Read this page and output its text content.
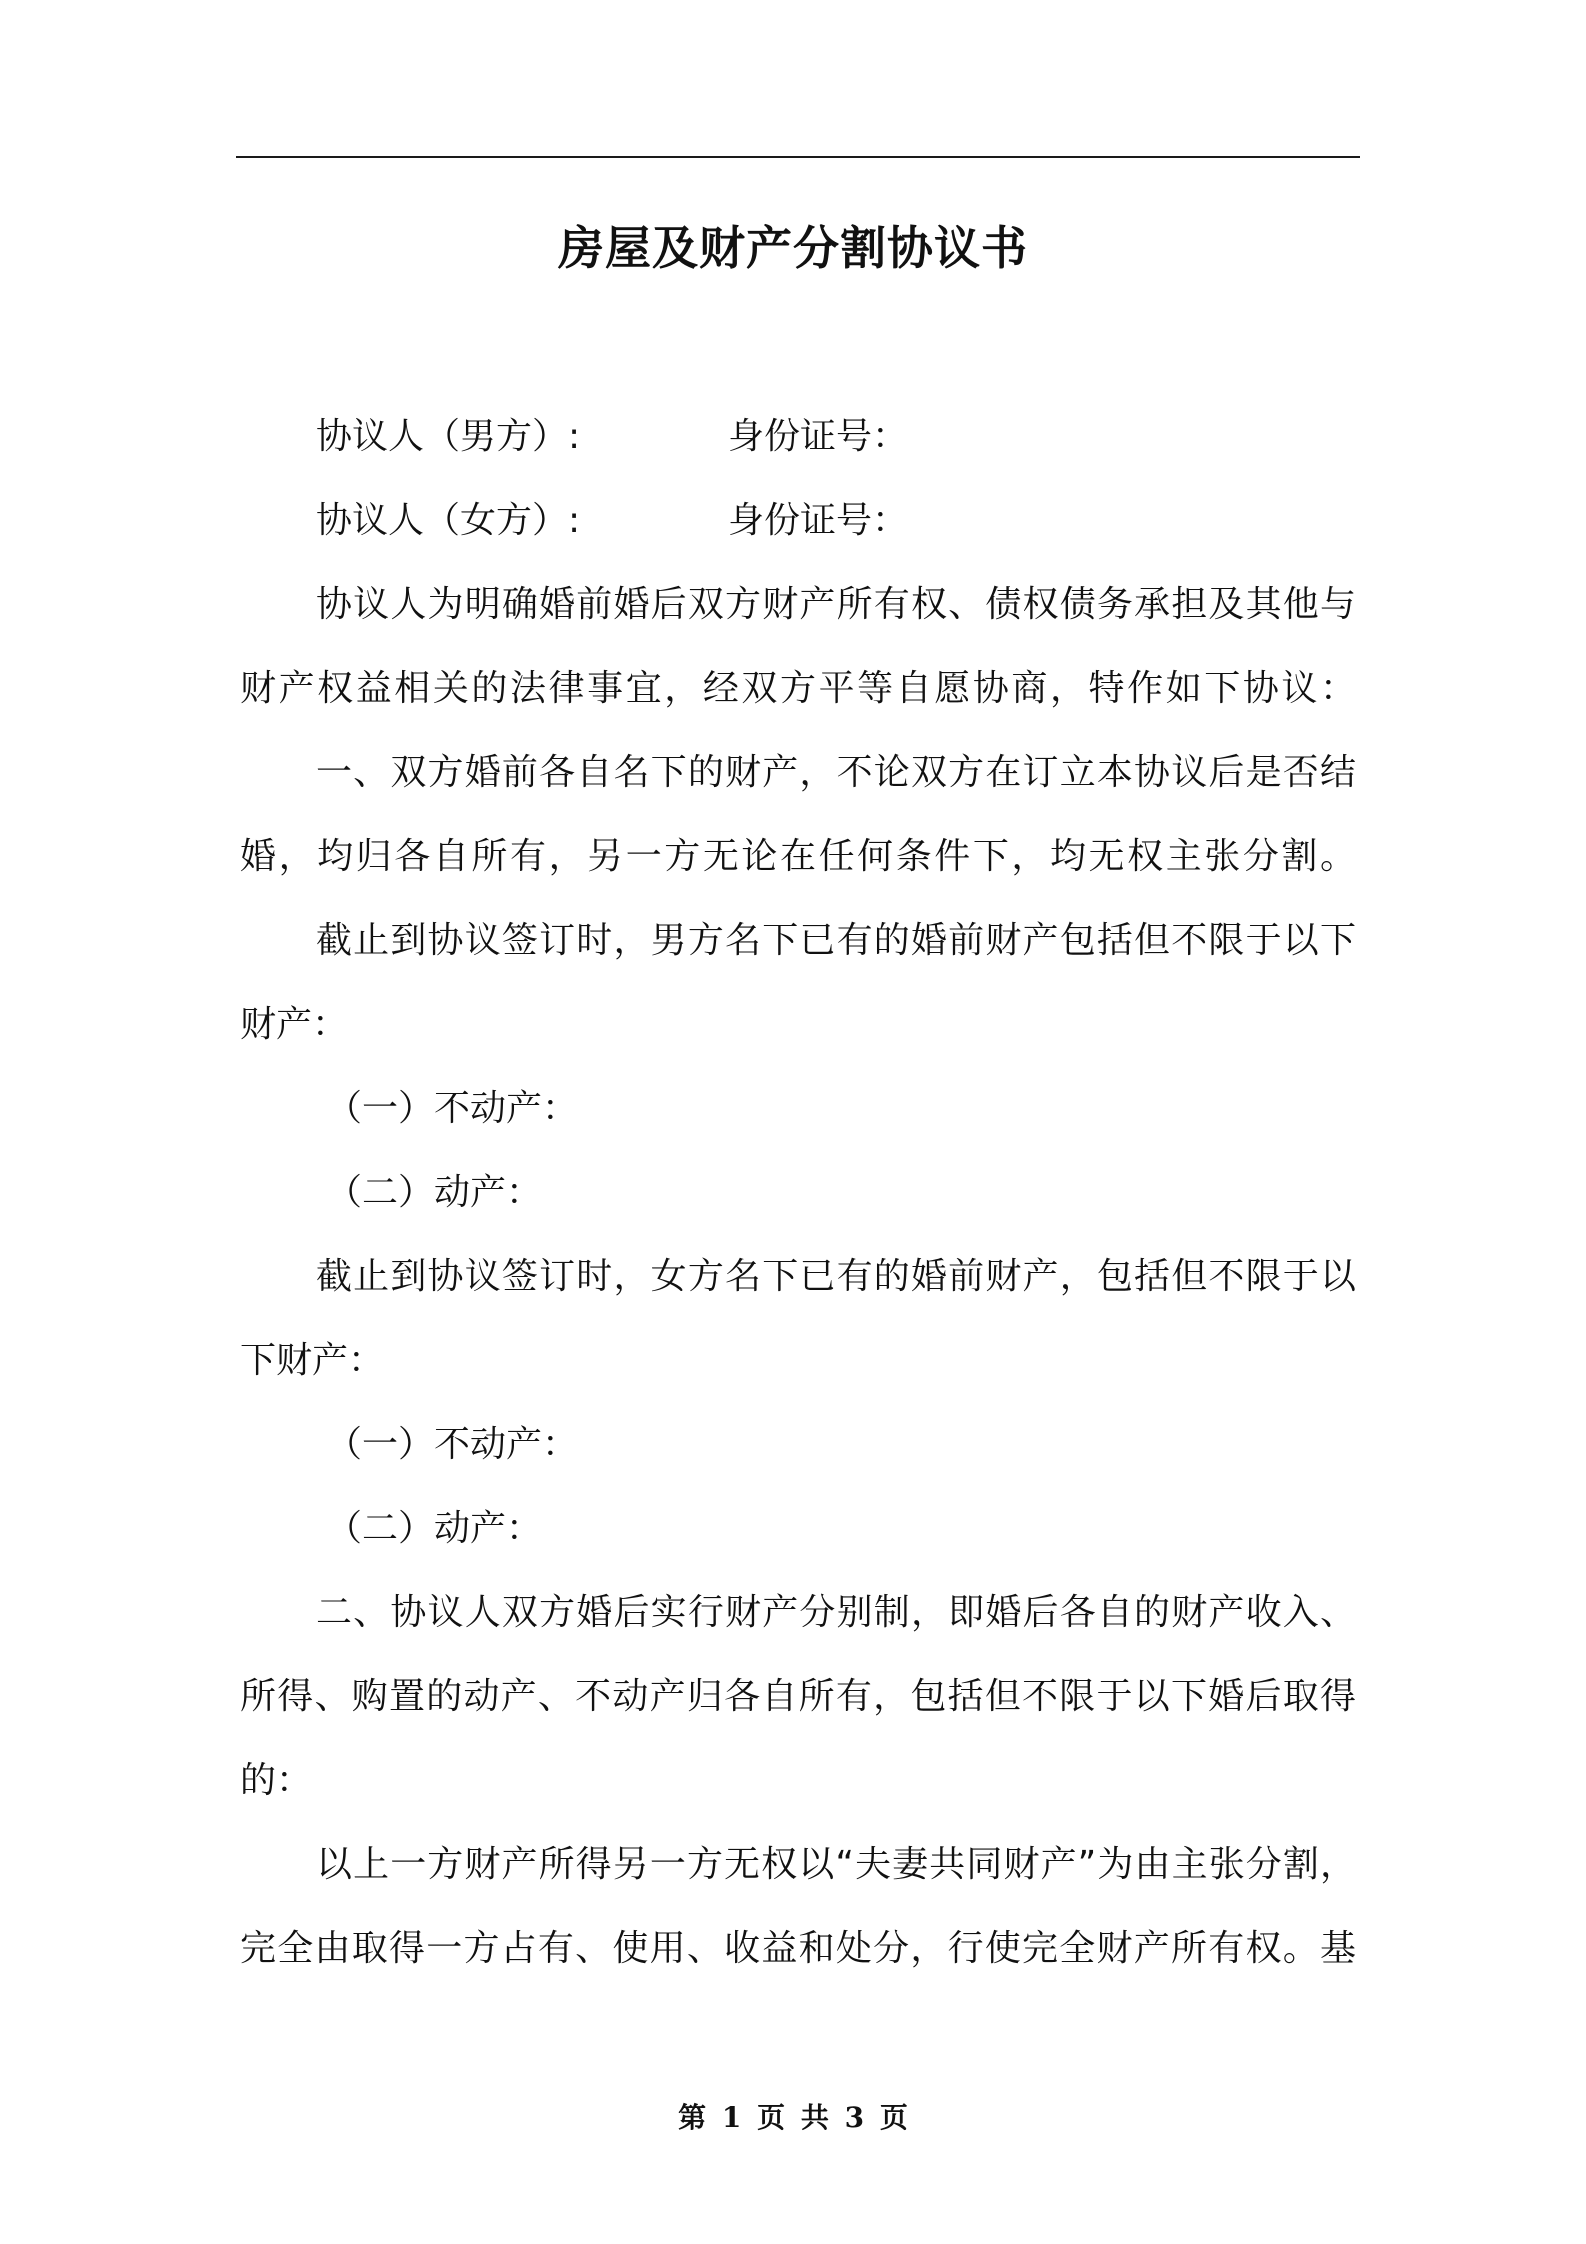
房屋及财产分割协议书
协议人（男方）:	身份证号：
协议人（女方）:	身份证号：
协议人为明确婚前婚后双方财产所有权、债权债务承担及其他与
财产权益相关的法律事宜，经双方平等自愿协商，特作如下协议：
一、双方婚前各自名下的财产，不论双方在订立本协议后是否结
婚，均归各自所有，另一方无论在任何条件下，均无权主张分割。
截止到协议签订时，男方名下已有的婚前财产包括但不限于以下
财产：
（一）不动产：
（二）动产：
截止到协议签订时，女方名下已有的婚前财产，包括但不限于以
下财产：
（一）不动产：
（二）动产：
二、协议人双方婚后实行财产分别制，即婚后各自的财产收入、
所得、购置的动产、不动产归各自所有，包括但不限于以下婚后取得
的：
以上一方财产所得另一方无权以“夫妻共同财产”为由主张分割，
完全由取得一方占有、使用、收益和处分，行使完全财产所有权。基
第 1 页 共 3 页
